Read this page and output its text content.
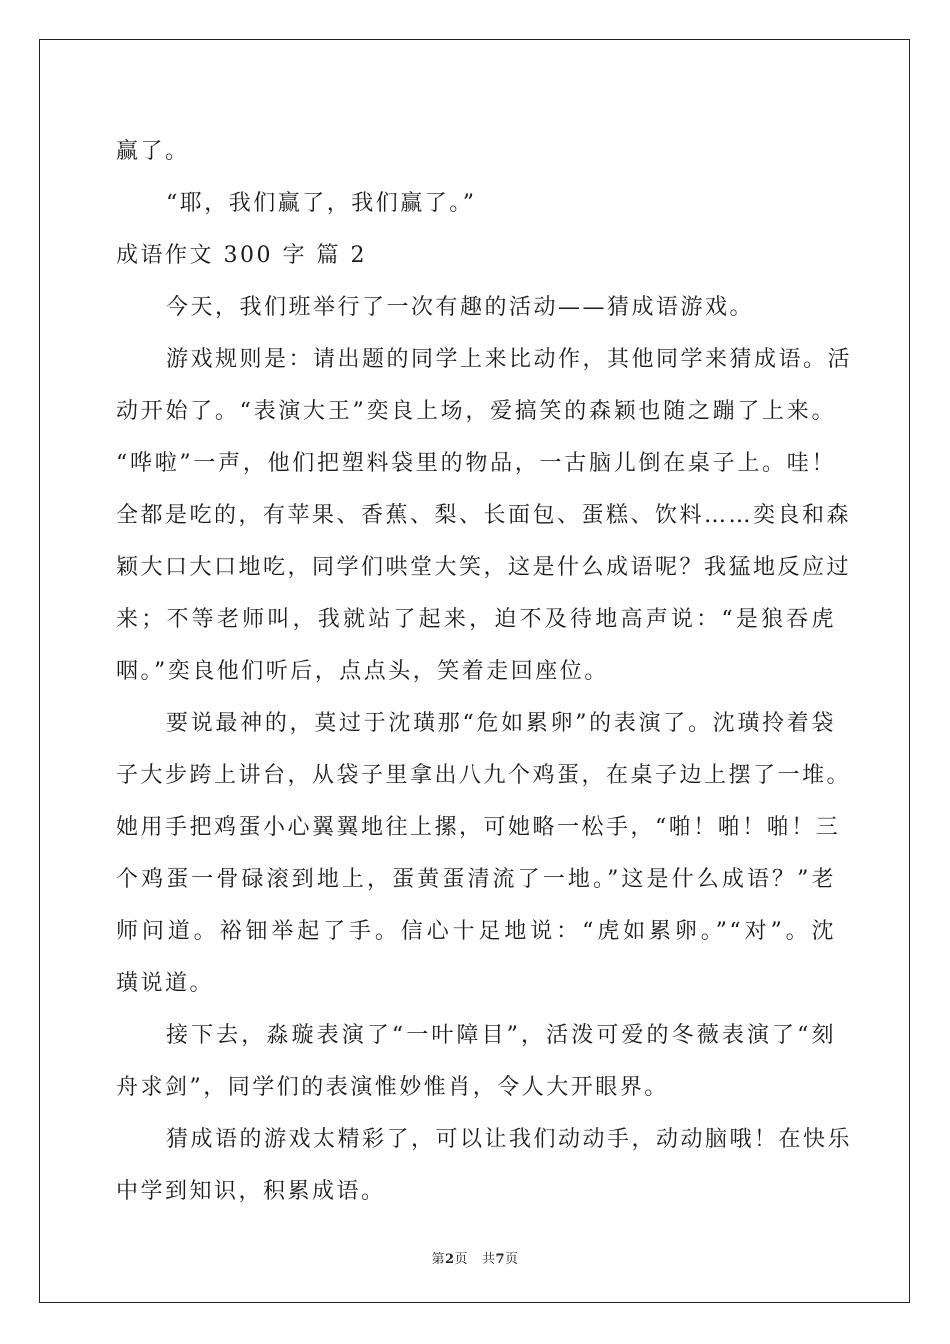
赢了。
“耶，我们赢了，我们赢了。”
成语作文 300 字 篇 2
今天，我们班举行了一次有趣的活动——猜成语游戏。
游戏规则是：请出题的同学上来比动作，其他同学来猜成语。活
动开始了。“表演大王”奕良上场，爱搞笑的森颖也随之蹦了上来。
“哗啦”一声，他们把塑料袋里的物品，一古脑儿倒在桌子上。哇！
全都是吃的，有苹果、香蕉、梨、长面包、蛋糕、饮料……奕良和森
颖大口大口地吃，同学们哄堂大笑，这是什么成语呢？我猛地反应过
来；不等老师叫，我就站了起来，迫不及待地高声说：“是狼吞虎
咽。”奕良他们听后，点点头，笑着走回座位。
要说最神的，莫过于沈璜那“危如累卵”的表演了。沈璜拎着袋
子大步跨上讲台，从袋子里拿出八九个鸡蛋，在桌子边上摆了一堆。
她用手把鸡蛋小心翼翼地往上摞，可她略一松手，“啪！啪！啪！三
个鸡蛋一骨碌滚到地上，蛋黄蛋清流了一地。”这是什么成语？”老
师问道。裕钿举起了手。信心十足地说：“虎如累卵。”“对”。沈
璜说道。
接下去，淼璇表演了“一叶障目”，活泼可爱的冬薇表演了“刻
舟求剑”，同学们的表演惟妙惟肖，令人大开眼界。
猜成语的游戏太精彩了，可以让我们动动手，动动脑哦！在快乐
中学到知识，积累成语。
第2页 共7页
